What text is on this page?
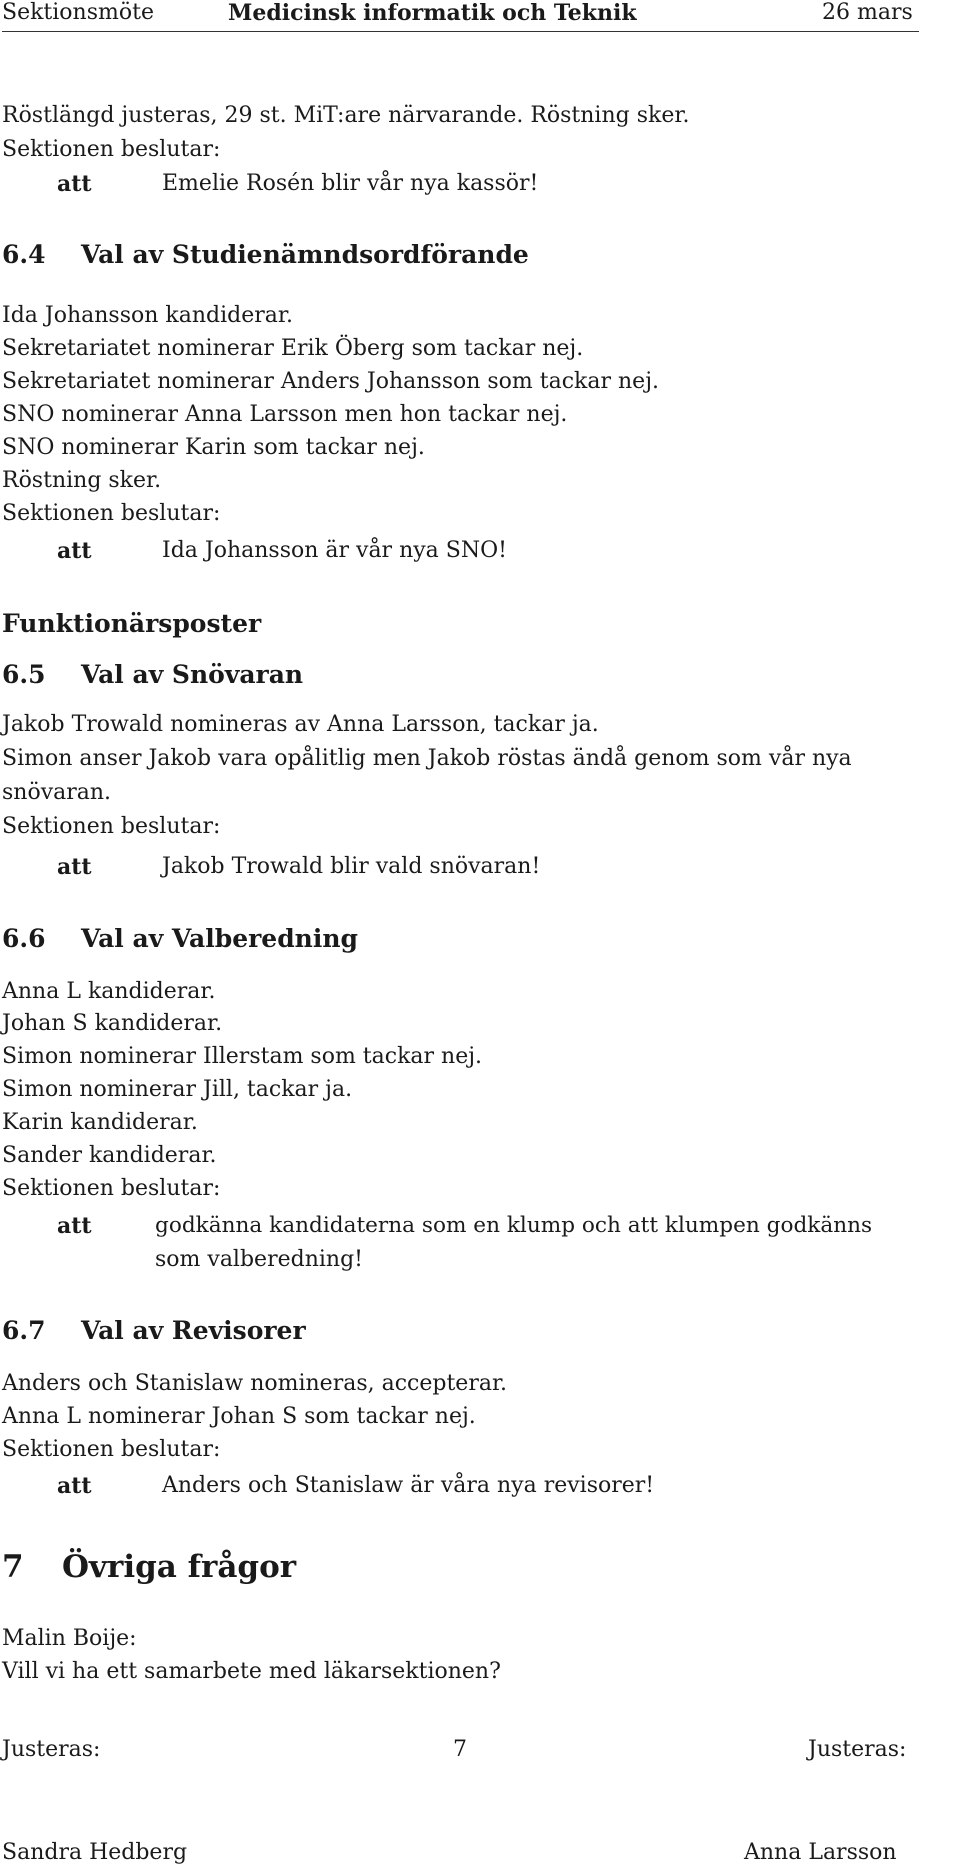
Sektionsmöte	Medicinsk informatik och Teknik	26 mars
Röstlängd justeras, 29 st. MiT:are närvarande. Röstning sker.
Sektionen beslutar:
att	Emelie Rosén blir vår nya kassör!
6.4 Val av Studienämndsordförande
Ida Johansson kandiderar.
Sekretariatet nominerar Erik Öberg som tackar nej.
Sekretariatet nominerar Anders Johansson som tackar nej.
SNO nominerar Anna Larsson men hon tackar nej.
SNO nominerar Karin som tackar nej.
Röstning sker.
Sektionen beslutar:
att	Ida Johansson är vår nya SNO!
Funktionärsposter
6.5 Val av Snövaran
Jakob Trowald nomineras av Anna Larsson, tackar ja.
Simon anser Jakob vara opålitlig men Jakob röstas ändå genom som vår nya
snövaran.
Sektionen beslutar:
att	Jakob Trowald blir vald snövaran!
6.6 Val av Valberedning
Anna L kandiderar.
Johan S kandiderar.
Simon nominerar Illerstam som tackar nej.
Simon nominerar Jill, tackar ja.
Karin kandiderar.
Sander kandiderar.
Sektionen beslutar:
att	godkänna kandidaterna som en klump och att klumpen godkänns
som valberedning!
6.7 Val av Revisorer
Anders och Stanislaw nomineras, accepterar.
Anna L nominerar Johan S som tackar nej.
Sektionen beslutar:
att	Anders och Stanislaw är våra nya revisorer!
7 Övriga frågor
Malin Boije:
Vill vi ha ett samarbete med läkarsektionen?
Justeras:	7	Justeras:
Sandra Hedberg	Anna Larsson
